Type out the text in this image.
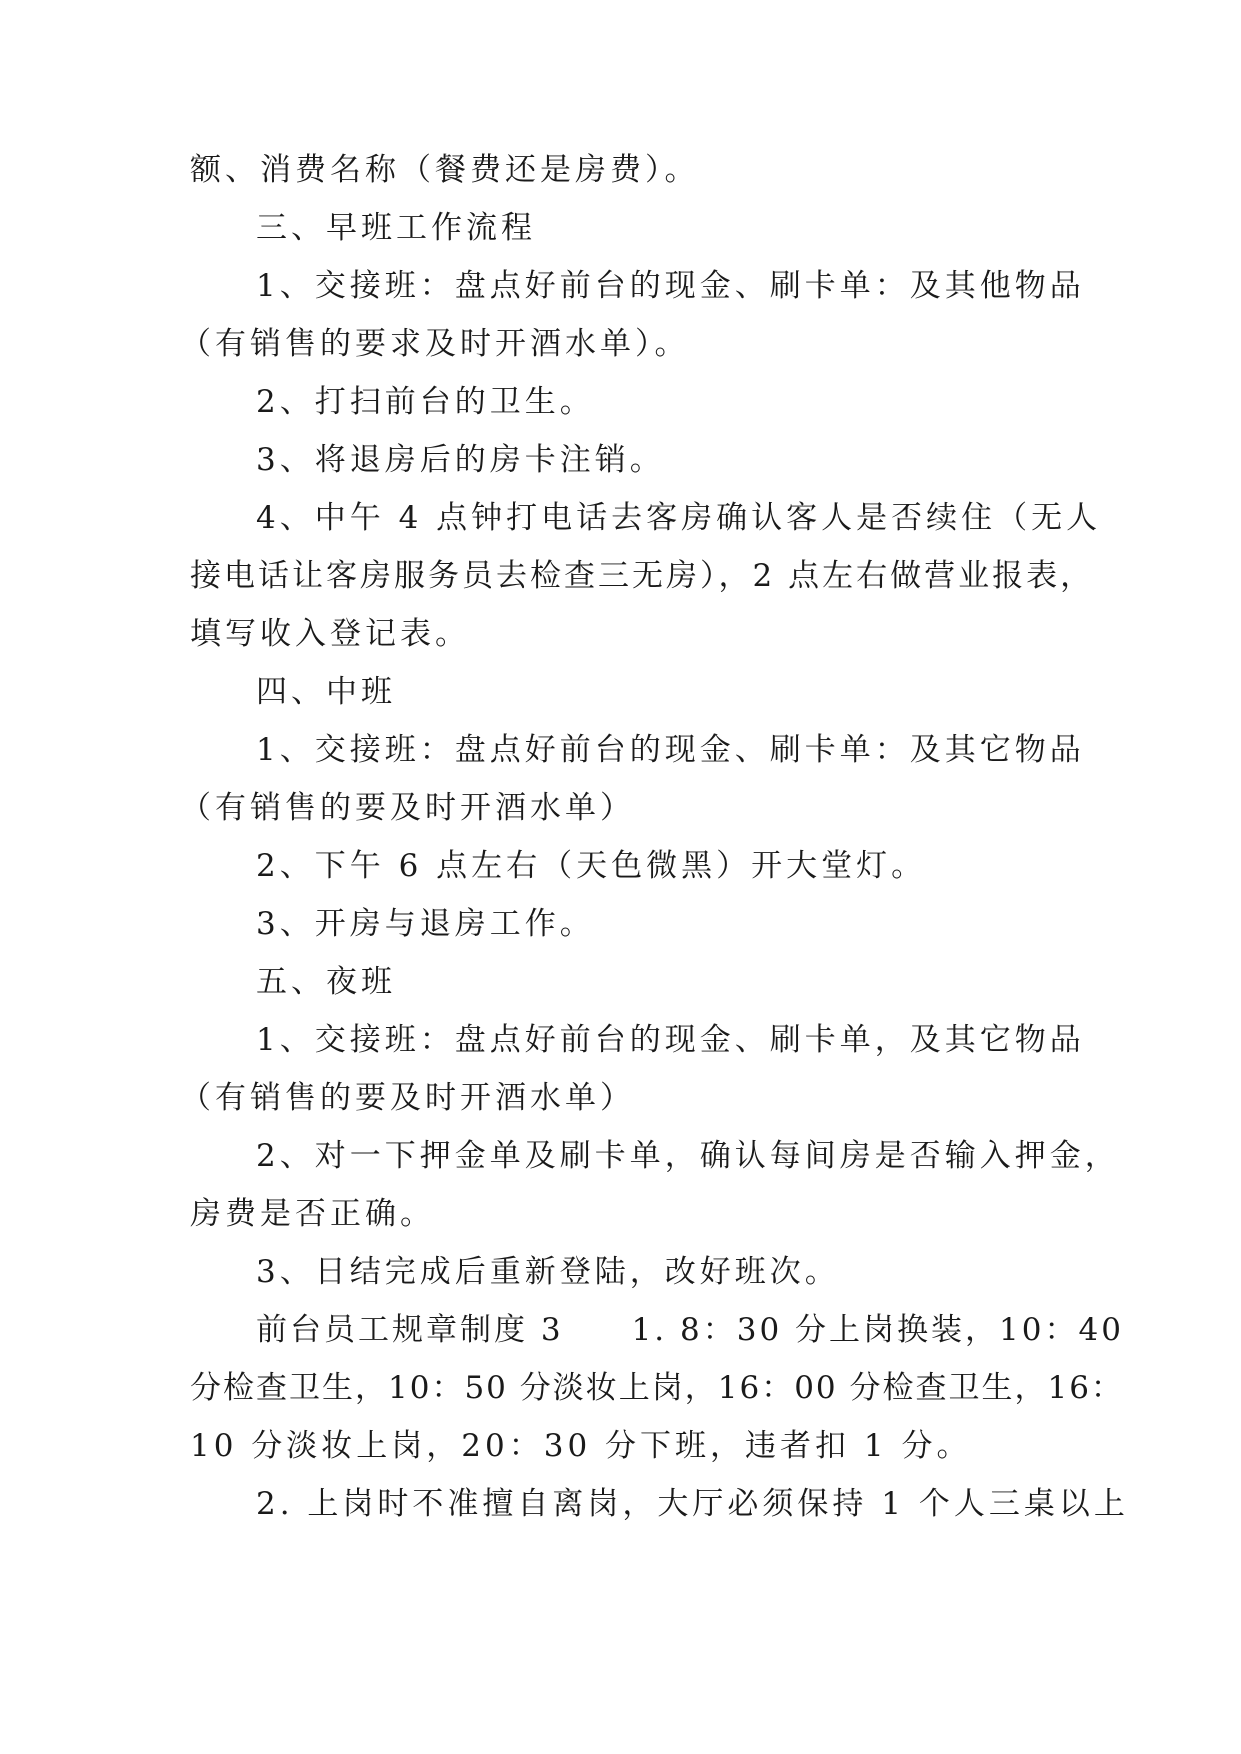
额、消费名称（餐费还是房费）。
三、早班工作流程
1、交接班：盘点好前台的现金、刷卡单：及其他物品
（有销售的要求及时开酒水单）。
2、打扫前台的卫生。
3、将退房后的房卡注销。
4、中午 4 点钟打电话去客房确认客人是否续住（无人
接电话让客房服务员去检查三无房），2 点左右做营业报表，
填写收入登记表。
四、中班
1、交接班：盘点好前台的现金、刷卡单：及其它物品
（有销售的要及时开酒水单）
2、下午 6 点左右（天色微黑）开大堂灯。
3、开房与退房工作。
五、夜班
1、交接班：盘点好前台的现金、刷卡单，及其它物品
（有销售的要及时开酒水单）
2、对一下押金单及刷卡单，确认每间房是否输入押金，
房费是否正确。
3、日结完成后重新登陆，改好班次。
前台员工规章制度 3　　1. 8：30 分上岗换装，10：40
分检查卫生，10：50 分淡妆上岗，16：00 分检查卫生，16：
10 分淡妆上岗，20：30 分下班，违者扣 1 分。
2. 上岗时不准擅自离岗，大厅必须保持 1 个人三桌以上
